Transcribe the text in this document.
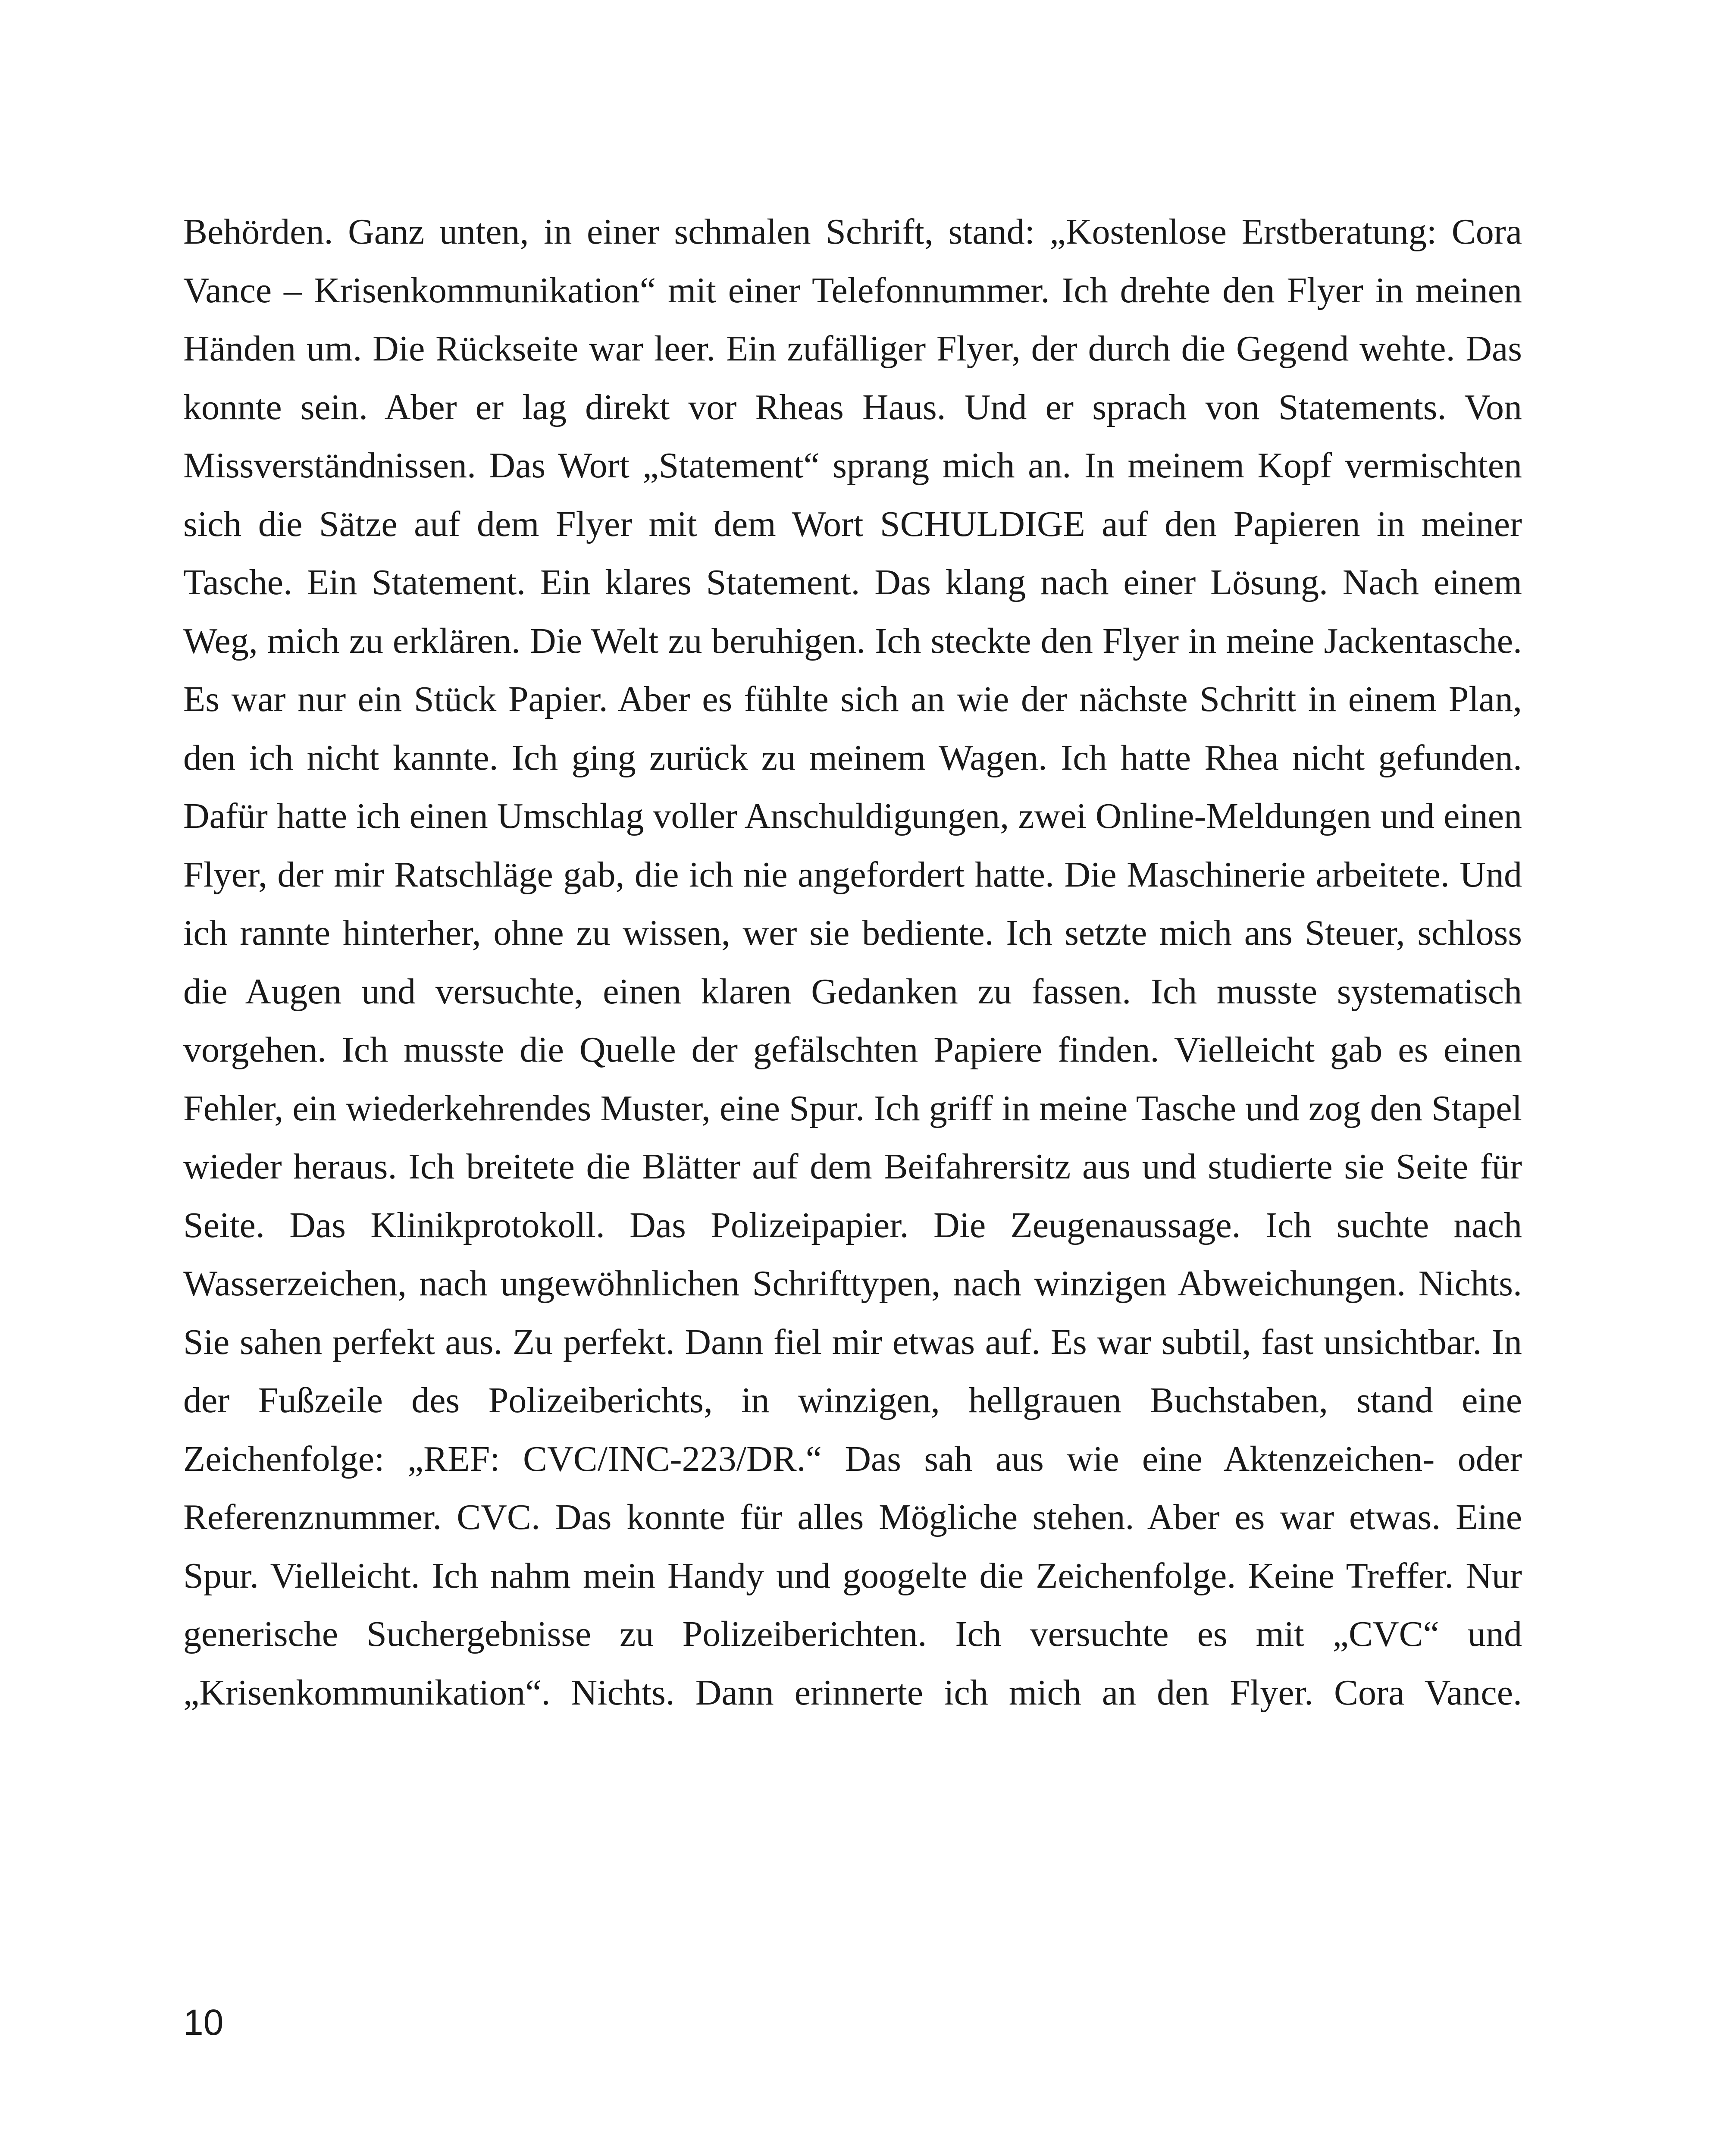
Behörden. Ganz unten, in einer schmalen Schrift, stand: „Kostenlose Erstberatung: Cora Vance – Krisenkommunikation“ mit einer Telefonnummer. Ich drehte den Flyer in meinen Händen um. Die Rückseite war leer. Ein zufälliger Flyer, der durch die Gegend wehte. Das konnte sein. Aber er lag direkt vor Rheas Haus. Und er sprach von Statements. Von Missverständnissen. Das Wort „Statement“ sprang mich an. In meinem Kopf vermischten sich die Sätze auf dem Flyer mit dem Wort SCHULDIGE auf den Papieren in meiner Tasche. Ein Statement. Ein klares Statement. Das klang nach einer Lösung. Nach einem Weg, mich zu erklären. Die Welt zu beruhigen. Ich steckte den Flyer in meine Jackentasche. Es war nur ein Stück Papier. Aber es fühlte sich an wie der nächste Schritt in einem Plan, den ich nicht kannte. Ich ging zurück zu meinem Wagen. Ich hatte Rhea nicht gefunden. Dafür hatte ich einen Umschlag voller Anschuldigungen, zwei Online-Meldungen und einen Flyer, der mir Ratschläge gab, die ich nie angefordert hatte. Die Maschinerie arbeitete. Und ich rannte hinterher, ohne zu wissen, wer sie bediente. Ich setzte mich ans Steuer, schloss die Augen und versuchte, einen klaren Gedanken zu fassen. Ich musste systematisch vorgehen. Ich musste die Quelle der gefälschten Papiere finden. Vielleicht gab es einen Fehler, ein wiederkehrendes Muster, eine Spur. Ich griff in meine Tasche und zog den Stapel wieder heraus. Ich breitete die Blätter auf dem Beifahrersitz aus und studierte sie Seite für Seite. Das Klinikprotokoll. Das Polizeipapier. Die Zeugenaussage. Ich suchte nach Wasserzeichen, nach ungewöhnlichen Schrifttypen, nach winzigen Abweichungen. Nichts. Sie sahen perfekt aus. Zu perfekt. Dann fiel mir etwas auf. Es war subtil, fast unsichtbar. In der Fußzeile des Polizeiberichts, in winzigen, hellgrauen Buchstaben, stand eine Zeichenfolge: „REF: CVC/INC-223/DR.“ Das sah aus wie eine Aktenzeichen- oder Referenznummer. CVC. Das konnte für alles Mögliche stehen. Aber es war etwas. Eine Spur. Vielleicht. Ich nahm mein Handy und googelte die Zeichenfolge. Keine Treffer. Nur generische Suchergebnisse zu Polizeiberichten. Ich versuchte es mit „CVC“ und „Krisenkommunikation“. Nichts. Dann erinnerte ich mich an den Flyer. Cora Vance.

10
